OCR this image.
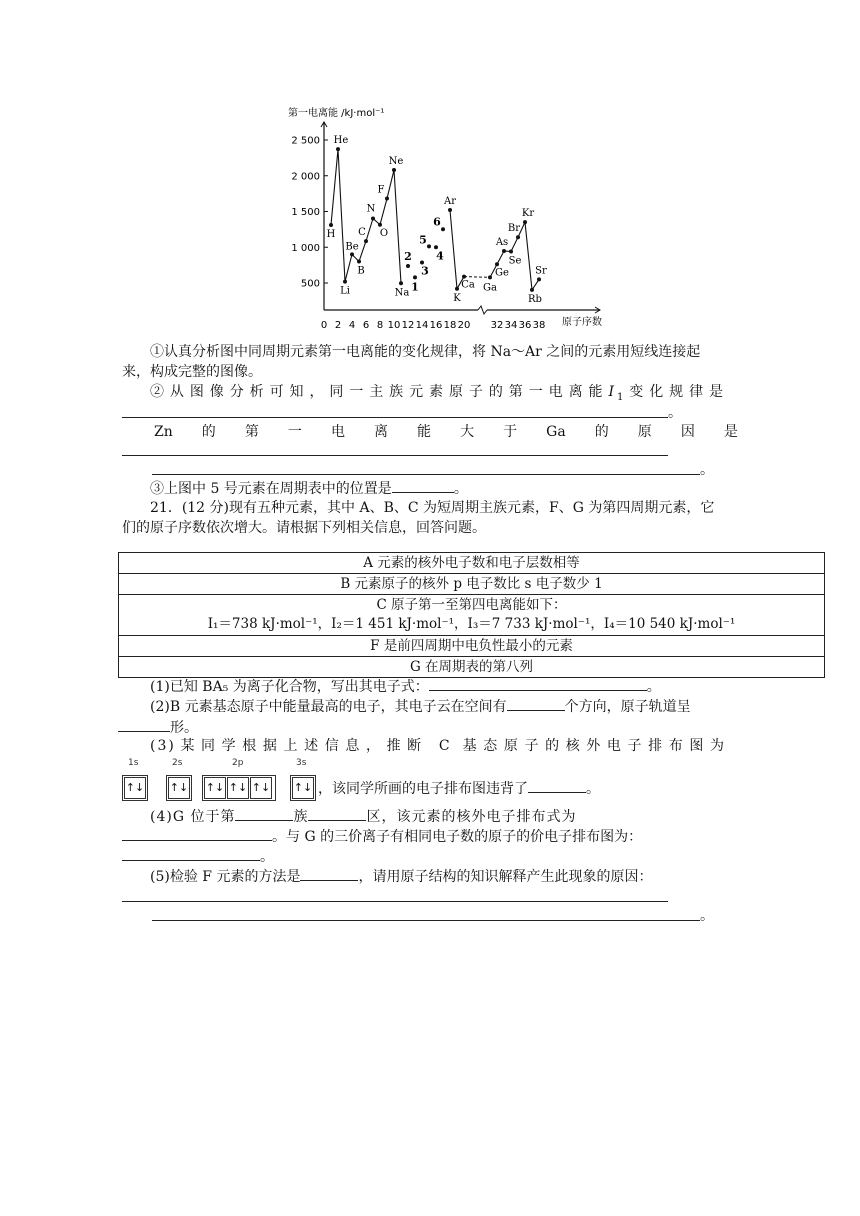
第一电离能 /kJ·mol⁻¹
原子序数
500
1 000
1 500
2 000
2 500
0 2 4 6 8 10 12 14 16 18 20 32 34 36 38
H
He
Li
Be
B
C
N
O
F
Ne
Na
2
1
3
5
4
6
Ar
K
Ca Ga
Ge
As
Se
Br
Kr
Rb
Sr
①认真分析图中同周期元素第一电离能的变化规律，将 Na～Ar 之间的元素用短线连接起来，构成完整的图像。
②从图像分析可知，同一主族元素原子的第一电离能$I_1$变化规律是
。
Zn 的 第 一 电 离 能 大 于 Ga 的 原 因 是
。
③上图中 5 号元素在周期表中的位置是	。
21．(12 分)现有五种元素，其中 A、B、C 为短周期主族元素，F、G 为第四周期元素，它们的原子序数依次增大。请根据下列相关信息，回答问题。
A 元素的核外电子数和电子层数相等
B 元素原子的核外 p 电子数比 s 电子数少 1

C 原子第一至第四电离能如下：
I₁＝738 kJ·mol⁻¹，I₂＝1 451 kJ·mol⁻¹，I₃＝7 733 kJ·mol⁻¹，I₄＝10 540 kJ·mol⁻¹

F 是前四周期中电负性最小的元素
G 在周期表的第八列
(1)已知 BA₅ 为离子化合物，写出其电子式：	。
(2)B 元素基态原子中能量最高的电子，其电子云在空间有	个方向，原子轨道呈形。
(3)某同学根据上述信息，推断 C 基态原子的核外电子排布图为
1s	2s	2p	3s
↑↓ ↑↓ ↑↓ ↑↓ ↑↓ ↑↓ ，该同学所画的电子排布图违背了	。
(4)G 位于第	族	区，该元素的核外电子排布式为
。与 G 的三价离子有相同电子数的原子的价电子排布图为：
。
(5)检验 F 元素的方法是	，请用原子结构的知识解释产生此现象的原因：
。
